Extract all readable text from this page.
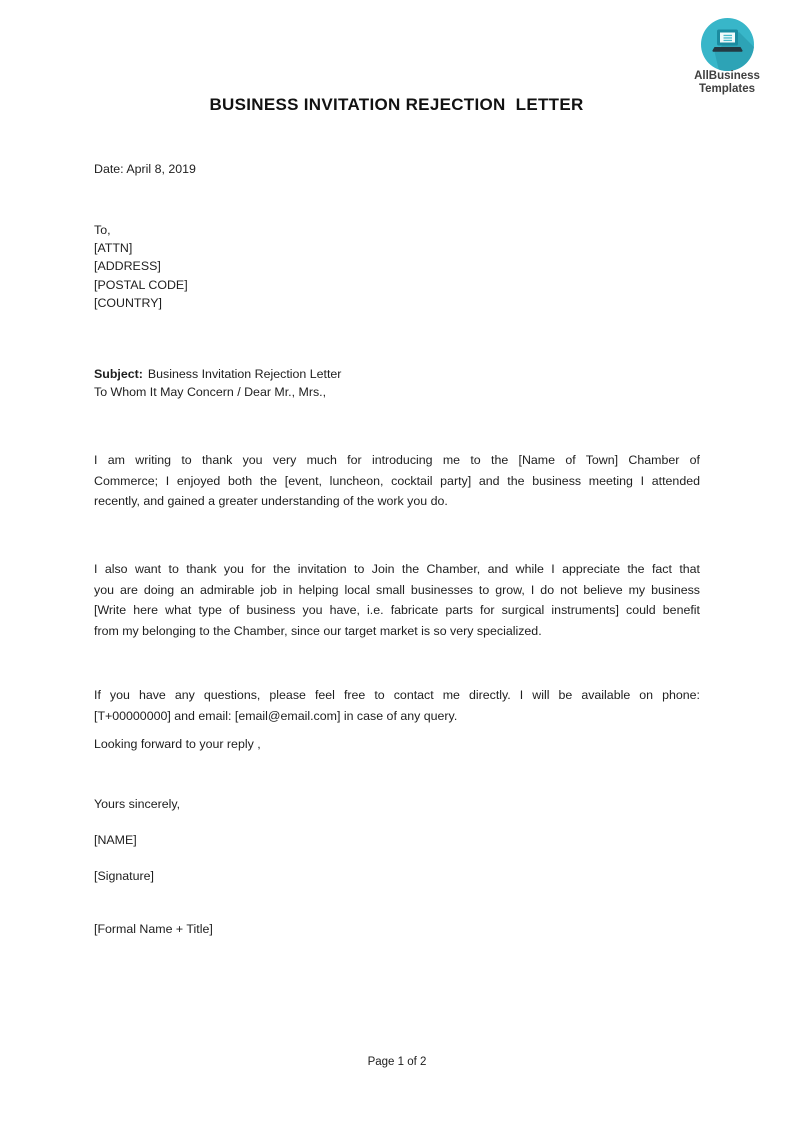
AllBusiness
Templates
BUSINESS INVITATION REJECTION  LETTER
Date: April 8, 2019
To,
[ATTN]
[ADDRESS]
[POSTAL CODE]
[COUNTRY]
Subject: Business Invitation Rejection Letter
To Whom It May Concern / Dear Mr., Mrs.,
I am writing to thank you very much for introducing me to the [Name of Town] Chamber of
Commerce; I enjoyed both the [event, luncheon, cocktail party] and the business meeting I attended
recently, and gained a greater understanding of the work you do.
I also want to thank you for the invitation to Join the Chamber, and while I appreciate the fact that
you are doing an admirable job in helping local small businesses to grow, I do not believe my business
[Write here what type of business you have, i.e. fabricate parts for surgical instruments] could benefit
from my belonging to the Chamber, since our target market is so very specialized.
If you have any questions, please feel free to contact me directly. I will be available on phone:
[T+00000000] and email: [email@email.com] in case of any query.
Looking forward to your reply ,
Yours sincerely,
[NAME]
[Signature]
[Formal Name + Title]
Page 1 of 2
